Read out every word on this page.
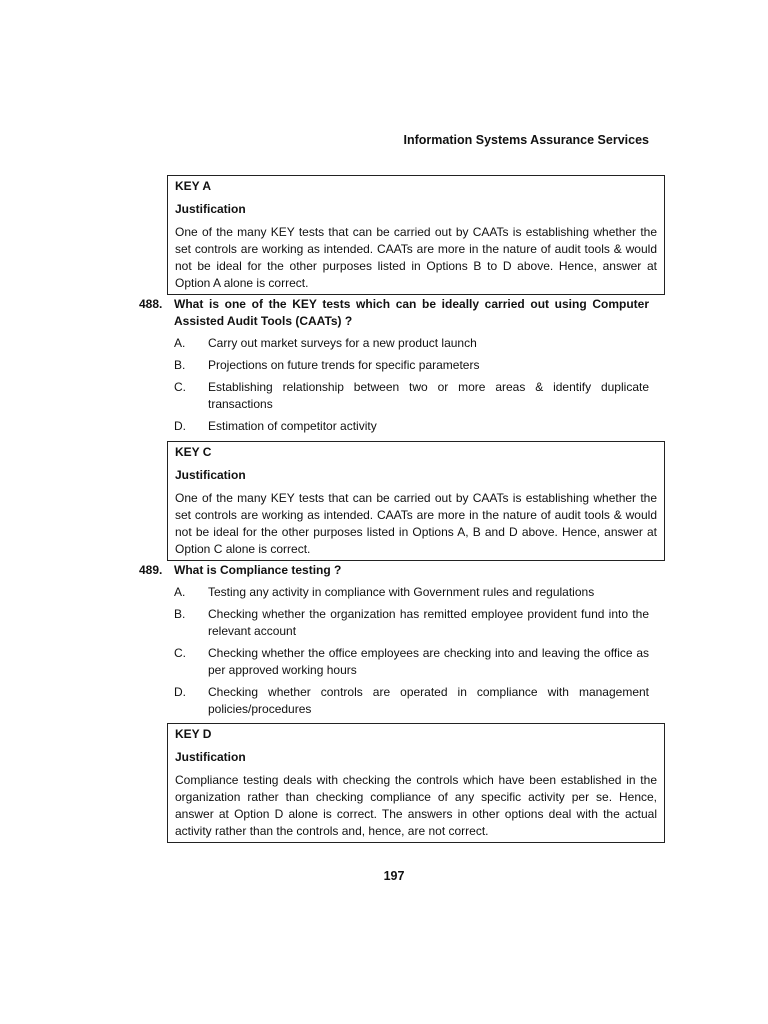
Information Systems Assurance Services
KEY A
Justification
One of the many KEY tests that can be carried out by CAATs is establishing whether the set controls are working as intended. CAATs are more in the nature of audit tools & would not be ideal for the other purposes listed in Options B to D above. Hence, answer at Option A alone is correct.
488. What is one of the KEY tests which can be ideally carried out using Computer Assisted Audit Tools (CAATs) ?
A.	Carry out market surveys for a new product launch
B.	Projections on future trends for specific parameters
C.	Establishing relationship between two or more areas & identify duplicate transactions
D.	Estimation of competitor activity
KEY C
Justification
One of the many KEY tests that can be carried out by CAATs is establishing whether the set controls are working as intended. CAATs are more in the nature of audit tools & would not be ideal for the other purposes listed in Options A, B and D above. Hence, answer at Option C alone is correct.
489. What is Compliance testing ?
A.	Testing any activity in compliance with Government rules and regulations
B.	Checking whether the organization has remitted employee provident fund into the relevant account
C.	Checking whether the office employees are checking into and leaving the office as per approved working hours
D.	Checking whether controls are operated in compliance with management policies/procedures
KEY D
Justification
Compliance testing deals with checking the controls which have been established in the organization rather than checking compliance of any specific activity per se. Hence, answer at Option D alone is correct. The answers in other options deal with the actual activity rather than the controls and, hence, are not correct.
197
